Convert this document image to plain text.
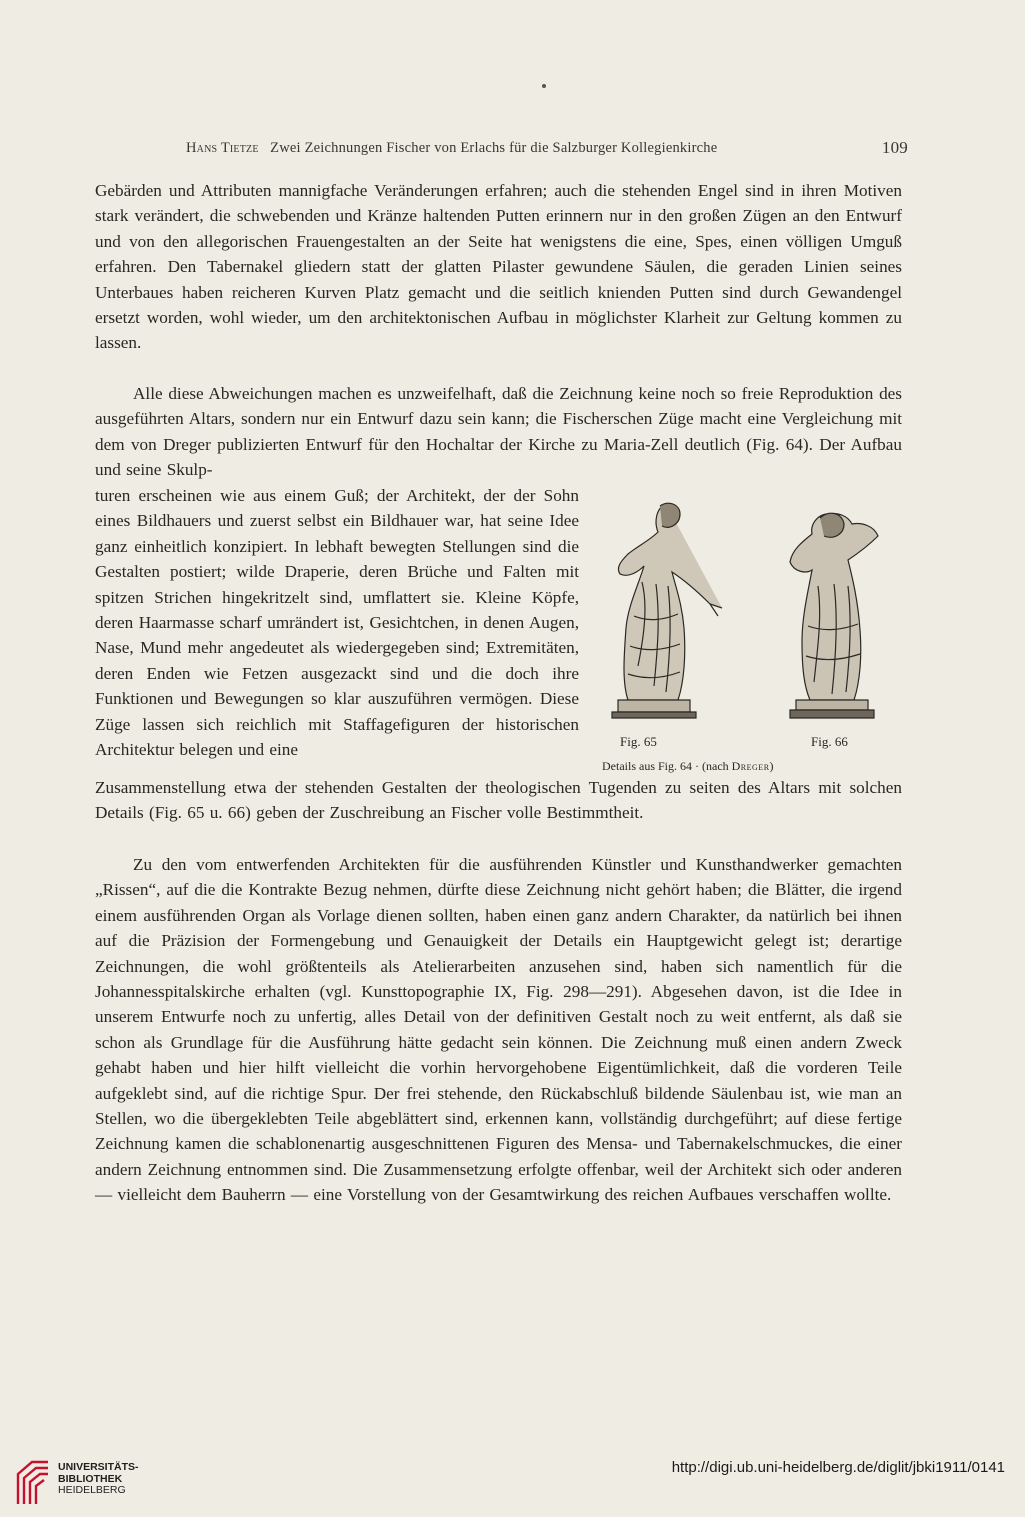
Hans Tietze Zwei Zeichnungen Fischer von Erlachs für die Salzburger Kollegienkirche	109

Gebärden und Attributen mannigfache Veränderungen erfahren; auch die stehenden Engel sind in ihren Motiven stark verändert, die schwebenden und Kränze haltenden Putten erinnern nur in den großen Zügen an den Entwurf und von den allegorischen Frauengestalten an der Seite hat wenigstens die eine, Spes, einen völligen Umguß erfahren. Den Tabernakel gliedern statt der glatten Pilaster gewundene Säulen, die geraden Linien seines Unterbaues haben reicheren Kurven Platz gemacht und die seitlich knienden Putten sind durch Gewandengel ersetzt worden, wohl wieder, um den architektonischen Aufbau in möglichster Klarheit zur Geltung kommen zu lassen.

Alle diese Abweichungen machen es unzweifelhaft, daß die Zeichnung keine noch so freie Reproduktion des ausgeführten Altars, sondern nur ein Entwurf dazu sein kann; die Fischerschen Züge macht eine Vergleichung mit dem von Dreger publizierten Entwurf für den Hochaltar der Kirche zu Maria-Zell deutlich (Fig. 64). Der Aufbau und seine Skulp-

turen erscheinen wie aus einem Guß; der Architekt, der der Sohn eines Bildhauers und zuerst selbst ein Bildhauer war, hat seine Idee ganz einheitlich konzipiert. In lebhaft bewegten Stellungen sind die Gestalten postiert; wilde Draperie, deren Brüche und Falten mit spitzen Strichen hingekritzelt sind, umflattert sie. Kleine Köpfe, deren Haarmasse scharf umrändert ist, Gesichtchen, in denen Augen, Nase, Mund mehr angedeutet als wiedergegeben sind; Extremitäten, deren Enden wie Fetzen ausgezackt sind und die doch ihre Funktionen und Bewegungen so klar auszuführen vermögen. Diese Züge lassen sich reichlich mit Staffagefiguren der historischen Architektur belegen und eine	Fig. 65	Fig. 66
Details aus Fig. 64 · (nach Dreger)

Zusammenstellung etwa der stehenden Gestalten der theologischen Tugenden zu seiten des Altars mit solchen Details (Fig. 65 u. 66) geben der Zuschreibung an Fischer volle Bestimmtheit.

Zu den vom entwerfenden Architekten für die ausführenden Künstler und Kunsthandwerker gemachten „Rissen“, auf die die Kontrakte Bezug nehmen, dürfte diese Zeichnung nicht gehört haben; die Blätter, die irgend einem ausführenden Organ als Vorlage dienen sollten, haben einen ganz andern Charakter, da natürlich bei ihnen auf die Präzision der Formengebung und Genauigkeit der Details ein Hauptgewicht gelegt ist; derartige Zeichnungen, die wohl größtenteils als Atelierarbeiten anzusehen sind, haben sich namentlich für die Johannesspitalskirche erhalten (vgl. Kunsttopographie IX, Fig. 298—291). Abgesehen davon, ist die Idee in unserem Entwurfe noch zu unfertig, alles Detail von der definitiven Gestalt noch zu weit entfernt, als daß sie schon als Grundlage für die Ausführung hätte gedacht sein können. Die Zeichnung muß einen andern Zweck gehabt haben und hier hilft vielleicht die vorhin hervorgehobene Eigentümlichkeit, daß die vorderen Teile aufgeklebt sind, auf die richtige Spur. Der frei stehende, den Rückabschluß bildende Säulenbau ist, wie man an Stellen, wo die übergeklebten Teile abgeblättert sind, erkennen kann, vollständig durchgeführt; auf diese fertige Zeichnung kamen die schablonenartig ausgeschnittenen Figuren des Mensa- und Tabernakelschmuckes, die einer andern Zeichnung entnommen sind. Die Zusammensetzung erfolgte offenbar, weil der Architekt sich oder anderen — vielleicht dem Bauherrn — eine Vorstellung von der Gesamtwirkung des reichen Aufbaues verschaffen wollte.

UNIVERSITÄTS-
BIBLIOTHEK
HEIDELBERG
http://digi.ub.uni-heidelberg.de/diglit/jbki1911/0141
